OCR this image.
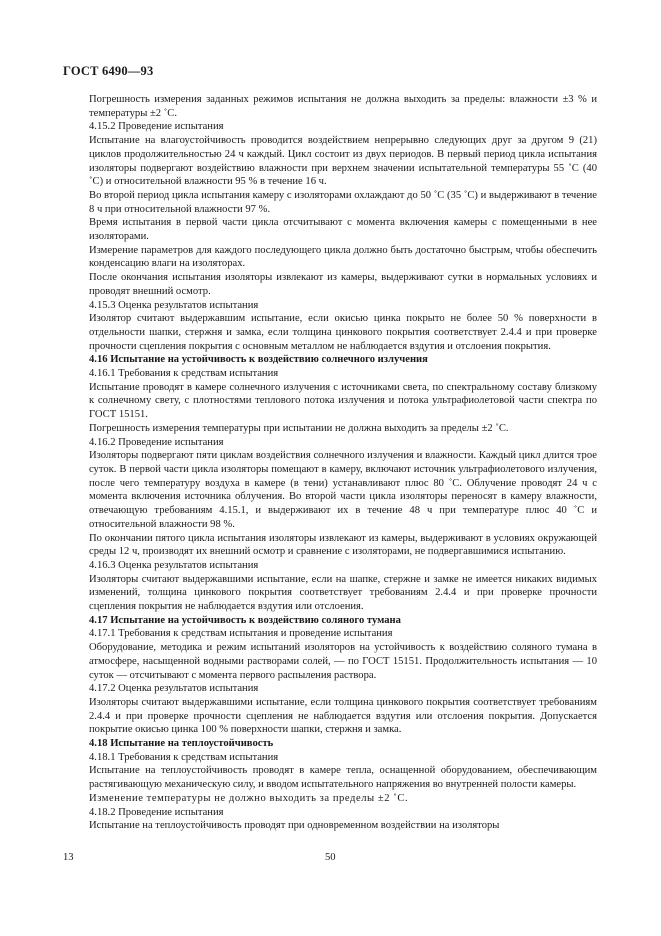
ГОСТ 6490—93

Погрешность измерения заданных режимов испытания не должна выходить за пределы: влажности ±3 % и температуры ±2 ˚С.

4.15.2 Проведение испытания

Испытание на влагоустойчивость проводится воздействием непрерывно следующих друг за другом 9 (21) циклов продолжительностью 24 ч каждый. Цикл состоит из двух периодов. В первый период цикла испытания изоляторы подвергают воздействию влажности при верхнем значении испытательной температуры 55 ˚С (40 ˚С) и относительной влажности 95 % в течение 16 ч.

Во второй период цикла испытания камеру с изоляторами охлаждают до 50 ˚С (35 ˚С) и выдерживают в течение 8 ч при относительной влажности 97 %.

Время испытания в первой части цикла отсчитывают с момента включения камеры с помещенными в нее изоляторами.

Измерение параметров для каждого последующего цикла должно быть достаточно быстрым, чтобы обеспечить конденсацию влаги на изоляторах.

После окончания испытания изоляторы извлекают из камеры, выдерживают сутки в нормальных условиях и проводят внешний осмотр.

4.15.3 Оценка результатов испытания

Изолятор считают выдержавшим испытание, если окисью цинка покрыто не более 50 % поверхности в отдельности шапки, стержня и замка, если толщина цинкового покрытия соответствует 2.4.4 и при проверке прочности сцепления покрытия с основным металлом не наблюдается вздутия и отслоения покрытия.

4.16 Испытание на устойчивость к воздействию солнечного излучения

4.16.1 Требования к средствам испытания

Испытание проводят в камере солнечного излучения с источниками света, по спектральному составу близкому к солнечному свету, с плотностями теплового потока излучения и потока ультрафиолетовой части спектра по ГОСТ 15151.

Погрешность измерения температуры при испытании не должна выходить за пределы ±2 ˚С.

4.16.2 Проведение испытания

Изоляторы подвергают пяти циклам воздействия солнечного излучения и влажности. Каждый цикл длится трое суток. В первой части цикла изоляторы помещают в камеру, включают источник ультрафиолетового излучения, после чего температуру воздуха в камере (в тени) устанавливают плюс 80 ˚С. Облучение проводят 24 ч с момента включения источника облучения. Во второй части цикла изоляторы переносят в камеру влажности, отвечающую требованиям 4.15.1, и выдерживают их в течение 48 ч при температуре плюс 40 ˚С и относительной влажности 98 %.

По окончании пятого цикла испытания изоляторы извлекают из камеры, выдерживают в условиях окружающей среды 12 ч, производят их внешний осмотр и сравнение с изоляторами, не подвергавшимися испытанию.

4.16.3 Оценка результатов испытания

Изоляторы считают выдержавшими испытание, если на шапке, стержне и замке не имеется никаких видимых изменений, толщина цинкового покрытия соответствует требованиям 2.4.4 и при проверке прочности сцепления покрытия не наблюдается вздутия или отслоения.

4.17 Испытание на устойчивость к воздействию соляного тумана

4.17.1 Требования к средствам испытания и проведение испытания

Оборудование, методика и режим испытаний изоляторов на устойчивость к воздействию соляного тумана в атмосфере, насыщенной водными растворами солей, — по ГОСТ 15151. Продолжительность испытания — 10 суток — отсчитывают с момента первого распыления раствора.

4.17.2 Оценка результатов испытания

Изоляторы считают выдержавшими испытание, если толщина цинкового покрытия соответствует требованиям 2.4.4 и при проверке прочности сцепления не наблюдается вздутия или отслоения покрытия. Допускается покрытие окисью цинка 100 % поверхности шапки, стержня и замка.

4.18 Испытание на теплоустойчивость

4.18.1 Требования к средствам испытания

Испытание на теплоустойчивость проводят в камере тепла, оснащенной оборудованием, обеспечивающим растягивающую механическую силу, и вводом испытательного напряжения во внутренней полости камеры.

Изменение температуры не должно выходить за пределы ±2 ˚С.

4.18.2 Проведение испытания

Испытание на теплоустойчивость проводят при одновременном воздействии на изоляторы

13	50
